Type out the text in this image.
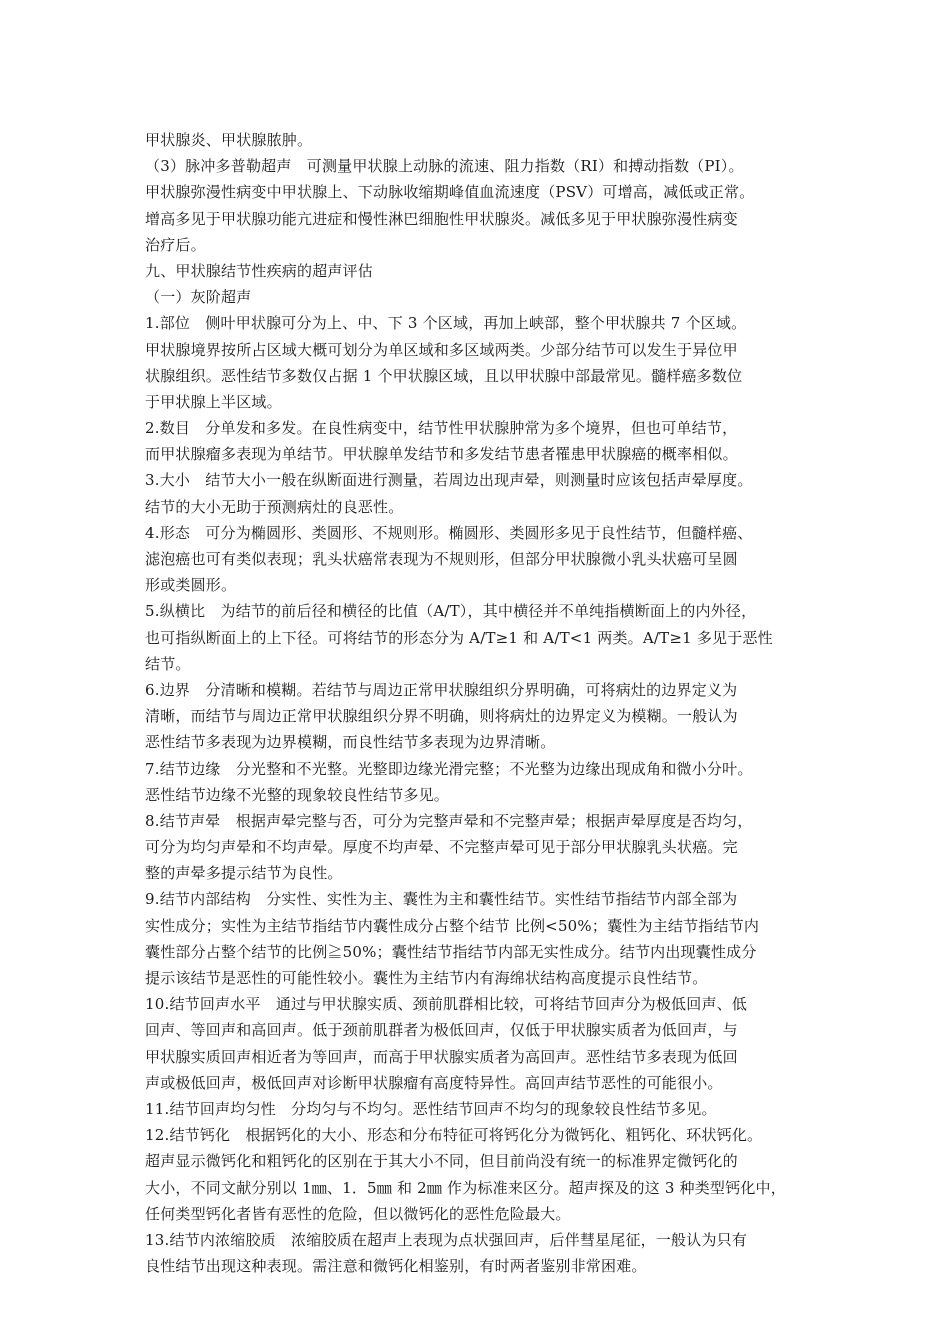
甲状腺炎、甲状腺脓肿。
（3）脉冲多普勒超声　可测量甲状腺上动脉的流速、阻力指数（RI）和搏动指数（PI）。
甲状腺弥漫性病变中甲状腺上、下动脉收缩期峰值血流速度（PSV）可增高，减低或正常。
增高多见于甲状腺功能亢进症和慢性淋巴细胞性甲状腺炎。减低多见于甲状腺弥漫性病变
治疗后。
九、甲状腺结节性疾病的超声评估
（一）灰阶超声
1.部位　侧叶甲状腺可分为上、中、下 3 个区域，再加上峡部，整个甲状腺共 7 个区域。
甲状腺境界按所占区域大概可划分为单区域和多区域两类。少部分结节可以发生于异位甲
状腺组织。恶性结节多数仅占据 1 个甲状腺区域，且以甲状腺中部最常见。髓样癌多数位
于甲状腺上半区域。
2.数目　分单发和多发。在良性病变中，结节性甲状腺肿常为多个境界，但也可单结节，
而甲状腺瘤多表现为单结节。甲状腺单发结节和多发结节患者罹患甲状腺癌的概率相似。
3.大小　结节大小一般在纵断面进行测量，若周边出现声晕，则测量时应该包括声晕厚度。
结节的大小无助于预测病灶的良恶性。
4.形态　可分为椭圆形、类圆形、不规则形。椭圆形、类圆形多见于良性结节，但髓样癌、
滤泡癌也可有类似表现；乳头状癌常表现为不规则形，但部分甲状腺微小乳头状癌可呈圆
形或类圆形。
5.纵横比　为结节的前后径和横径的比值（A/T），其中横径并不单纯指横断面上的内外径，
也可指纵断面上的上下径。可将结节的形态分为 A/T≥1 和 A/T<1 两类。A/T≥1 多见于恶性
结节。
6.边界　分清晰和模糊。若结节与周边正常甲状腺组织分界明确，可将病灶的边界定义为
清晰，而结节与周边正常甲状腺组织分界不明确，则将病灶的边界定义为模糊。一般认为
恶性结节多表现为边界模糊，而良性结节多表现为边界清晰。
7.结节边缘　分光整和不光整。光整即边缘光滑完整；不光整为边缘出现成角和微小分叶。
恶性结节边缘不光整的现象较良性结节多见。
8.结节声晕　根据声晕完整与否，可分为完整声晕和不完整声晕；根据声晕厚度是否均匀，
可分为均匀声晕和不均声晕。厚度不均声晕、不完整声晕可见于部分甲状腺乳头状癌。完
整的声晕多提示结节为良性。
9.结节内部结构　分实性、实性为主、囊性为主和囊性结节。实性结节指结节内部全部为
实性成分；实性为主结节指结节内囊性成分占整个结节 比例<50%；囊性为主结节指结节内
囊性部分占整个结节的比例≧50%；囊性结节指结节内部无实性成分。结节内出现囊性成分
提示该结节是恶性的可能性较小。囊性为主结节内有海绵状结构高度提示良性结节。
10.结节回声水平　通过与甲状腺实质、颈前肌群相比较，可将结节回声分为极低回声、低
回声、等回声和高回声。低于颈前肌群者为极低回声，仅低于甲状腺实质者为低回声，与
甲状腺实质回声相近者为等回声，而高于甲状腺实质者为高回声。恶性结节多表现为低回
声或极低回声，极低回声对诊断甲状腺瘤有高度特异性。高回声结节恶性的可能很小。
11.结节回声均匀性　分均匀与不均匀。恶性结节回声不均匀的现象较良性结节多见。
12.结节钙化　根据钙化的大小、形态和分布特征可将钙化分为微钙化、粗钙化、环状钙化。
超声显示微钙化和粗钙化的区别在于其大小不同，但目前尚没有统一的标准界定微钙化的
大小，不同文献分别以 1㎜、1．5㎜ 和 2㎜ 作为标准来区分。超声探及的这 3 种类型钙化中，
任何类型钙化者皆有恶性的危险，但以微钙化的恶性危险最大。
13.结节内浓缩胶质　浓缩胶质在超声上表现为点状强回声，后伴彗星尾征，一般认为只有
良性结节出现这种表现。需注意和微钙化相鉴别，有时两者鉴别非常困难。
